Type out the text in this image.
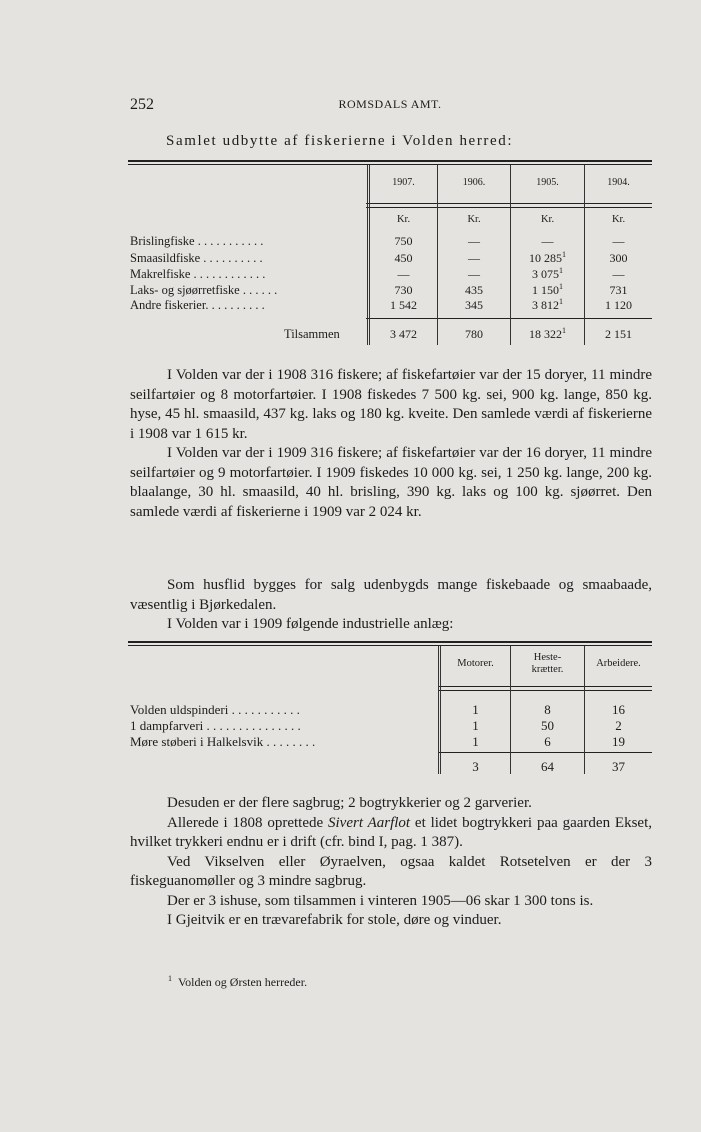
252	ROMSDALS AMT.
Samlet udbytte af fiskerierne i Volden herred:
1907.	1906.	1905.	1904.
Kr.	Kr.	Kr.	Kr.
Brislingfiske . . . . . . . . . . .	750	—	—	—
Smaasildfiske . . . . . . . . . .	450	—	10 $285^1$	300
Makrelfiske . . . . . . . . . . . .	—	—	3 $075^1$	—
Laks- og sjøørretfiske . . . . . .	730	435	1 $150^1$	731
Andre fiskerier. . . . . . . . . .	1 542	345	3 $812^1$	1 120
Tilsammen	3 472	780	18 $322^1$	2 151

I Volden var der i 1908 316 fiskere; af fiskefartøier var der 15 doryer, 11 mindre seilfartøier og 8 motorfartøier. I 1908 fiskedes 7 500 kg. sei, 900 kg. lange, 850 kg. hyse, 45 hl. smaasild, 437 kg. laks og 180 kg. kveite. Den samlede værdi af fiskerierne i 1908 var 1 615 kr.

I Volden var der i 1909 316 fiskere; af fiskefartøier var der 16 doryer, 11 mindre seilfartøier og 9 motorfartøier. I 1909 fiskedes 10 000 kg. sei, 1 250 kg. lange, 200 kg. blaalange, 30 hl. smaasild, 40 hl. brisling, 390 kg. laks og 100 kg. sjøørret. Den samlede værdi af fiskerierne i 1909 var 2 024 kr.

Som husflid bygges for salg udenbygds mange fiskebaade og smaabaade, væsentlig i Bjørkedalen.

I Volden var i 1909 følgende industrielle anlæg:

Motorer.
Heste-krætter.
Arbeidere.
Volden uldspinderi . . . . . . . . . . .	1	8	16
1 dampfarveri . . . . . . . . . . . . . . .	1	50	2
Møre støberi i Halkelsvik . . . . . . . .	1	6	19
3	64	37

Desuden er der flere sagbrug; 2 bogtrykkerier og 2 garverier.

Allerede i 1808 oprettede Sivert Aarflot et lidet bogtrykkeri paa gaarden Ekset, hvilket trykkeri endnu er i drift (cfr. bind I, pag. 1 387).

Ved Vikselven eller Øyraelven, ogsaa kaldet Rotsetelven er der 3 fiskeguanomøller og 3 mindre sagbrug.

Der er 3 ishuse, som tilsammen i vinteren 1905—06 skar 1 300 tons is.

I Gjeitvik er en trævarefabrik for stole, døre og vinduer.

$^1$ Volden og Ørsten herreder.
